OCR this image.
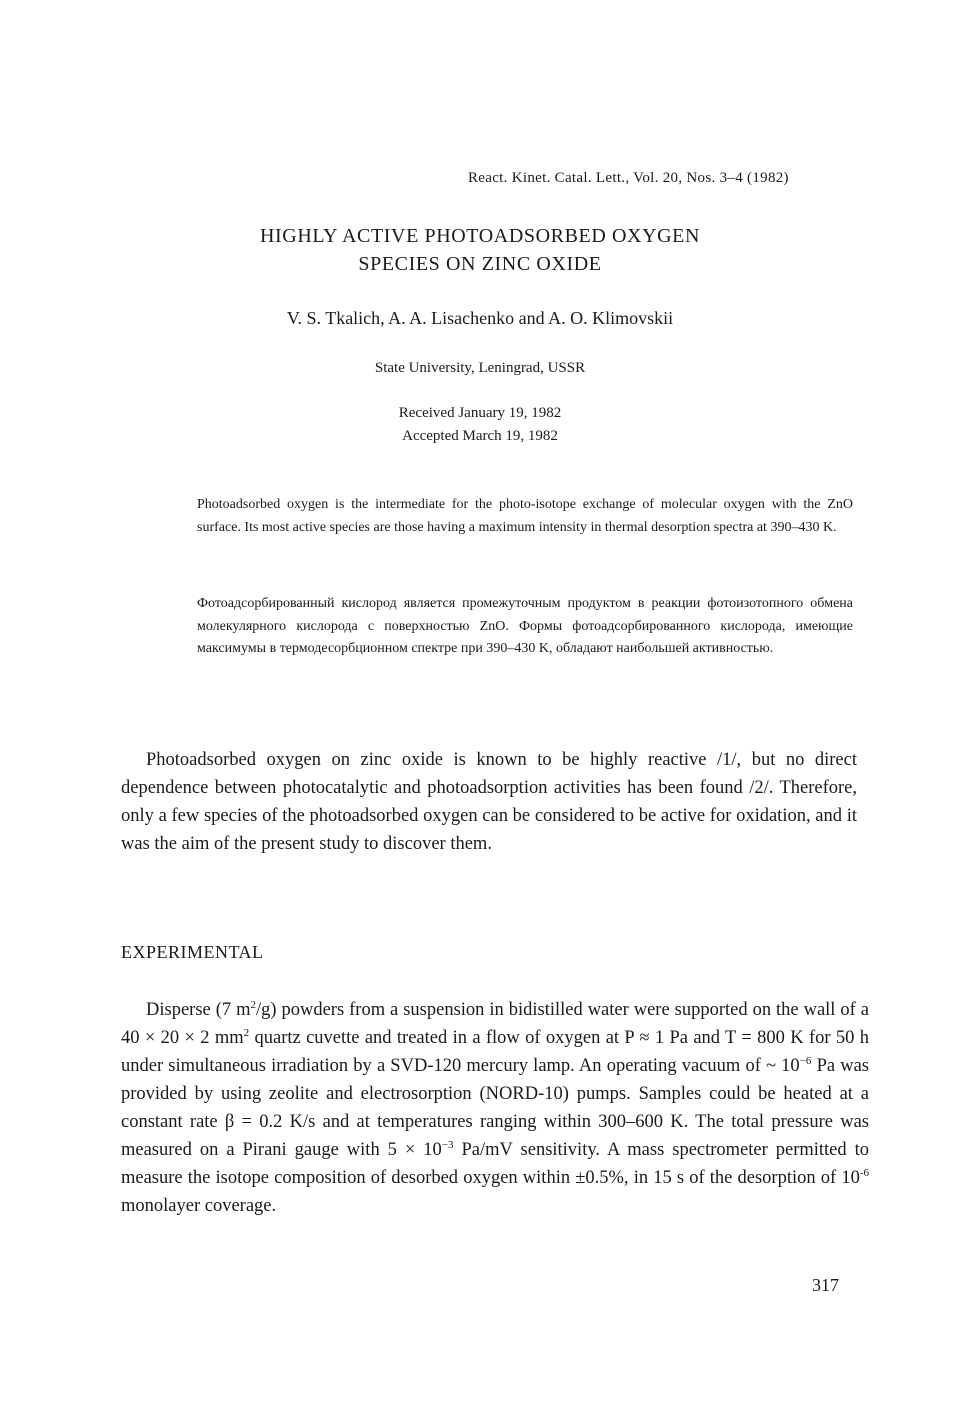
React. Kinet. Catal. Lett., Vol. 20, Nos. 3–4 (1982)
HIGHLY ACTIVE PHOTOADSORBED OXYGEN
SPECIES ON ZINC OXIDE
V. S. Tkalich, A. A. Lisachenko and A. O. Klimovskii
State University, Leningrad, USSR
Received January 19, 1982
Accepted March 19, 1982
Photoadsorbed oxygen is the intermediate for the photo-isotope exchange of molecular oxygen with the ZnO surface. Its most active species are those having a maximum intensity in thermal desorption spectra at 390–430 K.
Фотоадсорбированный кислород является промежуточным продуктом в реакции фотоизотопного обмена молекулярного кислорода с поверхностью ZnO. Формы фотоадсорбированного кислорода, имеющие максимумы в термодесорбционном спектре при 390–430 K, обладают наибольшей активностью.
Photoadsorbed oxygen on zinc oxide is known to be highly reactive /1/, but no direct dependence between photocatalytic and photoadsorption activities has been found /2/. Therefore, only a few species of the photoadsorbed oxygen can be considered to be active for oxidation, and it was the aim of the present study to discover them.
EXPERIMENTAL
Disperse (7 $m^2/g$) powders from a suspension in bidistilled water were supported on the wall of a 40 × 20 × 2 $mm^2$ quartz cuvette and treated in a flow of oxygen at P ≈ 1 Pa and T = 800 K for 50 h under simultaneous irradiation by a SVD-120 mercury lamp. An operating vacuum of ~ $10^{-6}$ Pa was provided by using zeolite and electrosorption (NORD-10) pumps. Samples could be heated at a constant rate β = 0.2 K/s and at temperatures ranging within 300–600 K. The total pressure was measured on a Pirani gauge with $5 \times 10^{-3}$ Pa/mV sensitivity. A mass spectrometer permitted to measure the isotope composition of desorbed oxygen within ±0.5%, in 15 s of the desorption of $10^{-6}$ monolayer coverage.
317
